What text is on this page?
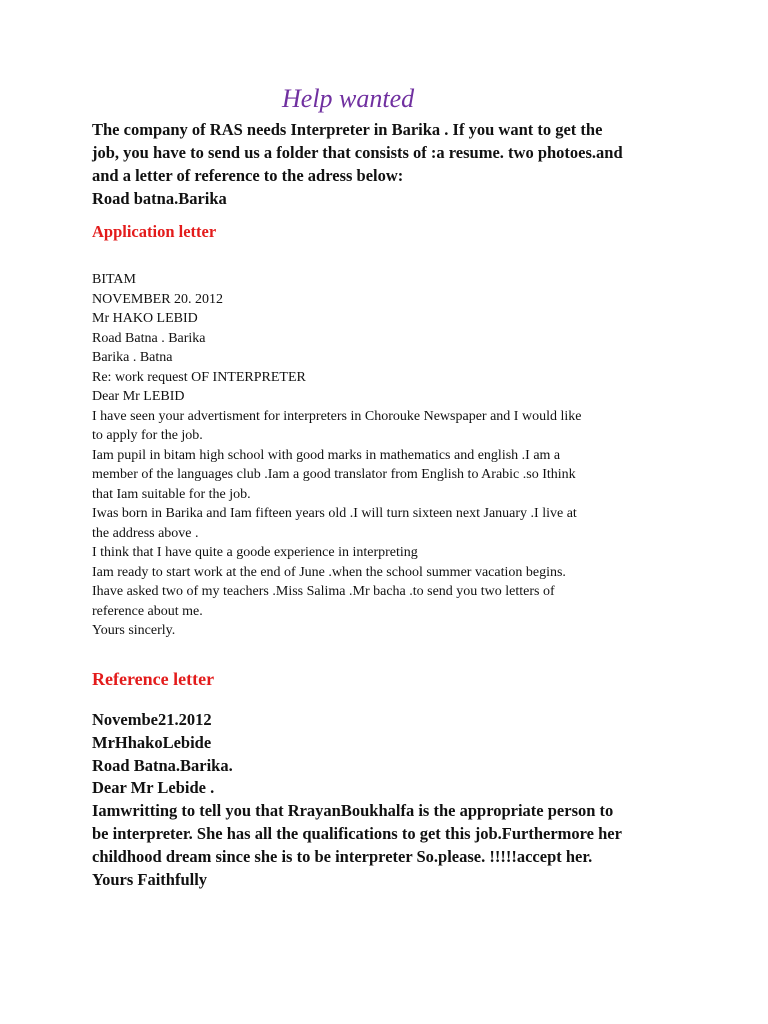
Help wanted
The company of RAS needs Interpreter in Barika . If you want to get the
job, you have to send us a folder that consists of :a resume. two photoes.and
and a letter of reference to the adress below:
Road batna.Barika
Application letter
BITAM
NOVEMBER 20. 2012
Mr HAKO LEBID
Road Batna . Barika
Barika . Batna
Re: work request OF INTERPRETER
Dear Mr LEBID
I have seen your advertisment for interpreters in Chorouke Newspaper and I would like
to apply for the job.
Iam pupil in bitam high school with good marks in mathematics and english .I am a
member of the languages club .Iam a good translator from English to Arabic .so Ithink
that Iam suitable for the job.
Iwas born in Barika and Iam fifteen years old .I will turn sixteen next January .I live at
the address above .
I think that I have quite a goode experience in interpreting
Iam ready to start work at the end of June .when the school summer vacation begins.
Ihave asked two of my teachers .Miss Salima .Mr bacha .to send you two letters of
reference about me.
Yours sincerly.
Reference letter
Novembe21.2012
MrHhakoLebide
Road Batna.Barika.
Dear Mr Lebide .
Iamwritting to tell you that RrayanBoukhalfa is the appropriate person to
be interpreter. She has all the qualifications to get this job.Furthermore her
childhood dream since she is to be interpreter So.please. !!!!!accept her.
Yours Faithfully
